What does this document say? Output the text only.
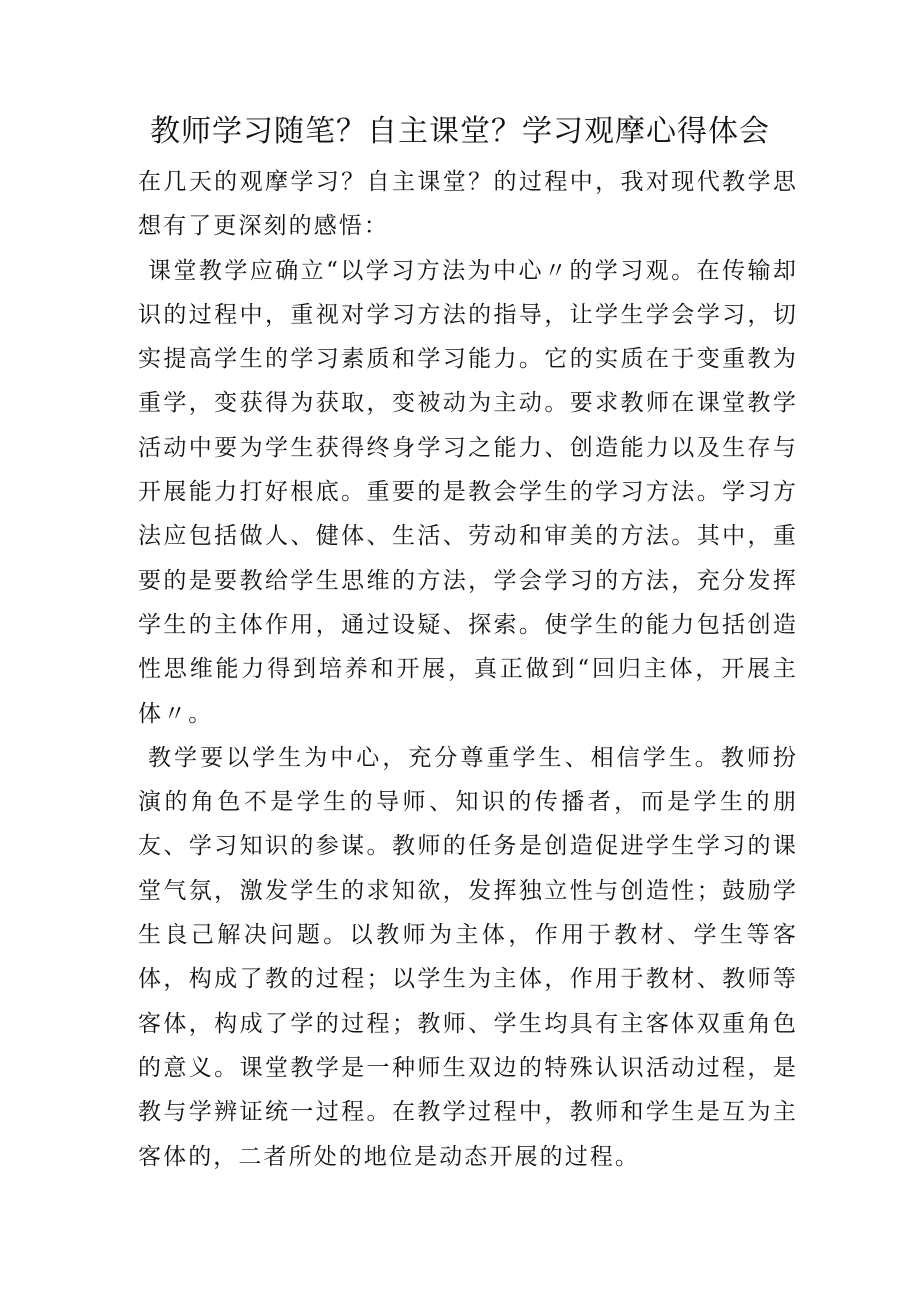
教师学习随笔？自主课堂？学习观摩心得体会

在几天的观摩学习？自主课堂？的过程中，我对现代教学思想有了更深刻的感悟：

课堂教学应确立“以学习方法为中心〃的学习观。在传输却识的过程中，重视对学习方法的指导，让学生学会学习，切实提高学生的学习素质和学习能力。它的实质在于变重教为重学，变获得为获取，变被动为主动。要求教师在课堂教学活动中要为学生获得终身学习之能力、创造能力以及生存与开展能力打好根底。重要的是教会学生的学习方法。学习方法应包括做人、健体、生活、劳动和审美的方法。其中，重要的是要教给学生思维的方法，学会学习的方法，充分发挥学生的主体作用，通过设疑、探索。使学生的能力包括创造性思维能力得到培养和开展，真正做到“回归主体，开展主体〃。

教学要以学生为中心，充分尊重学生、相信学生。教师扮演的角色不是学生的导师、知识的传播者，而是学生的朋友、学习知识的参谋。教师的任务是创造促进学生学习的课堂气氛，激发学生的求知欲，发挥独立性与创造性；鼓励学生良己解决问题。以教师为主体，作用于教材、学生等客体，构成了教的过程；以学生为主体，作用于教材、教师等客体，构成了学的过程；教师、学生均具有主客体双重角色的意义。课堂教学是一种师生双边的特殊认识活动过程，是教与学辨证统一过程。在教学过程中，教师和学生是互为主客体的，二者所处的地位是动态开展的过程。
